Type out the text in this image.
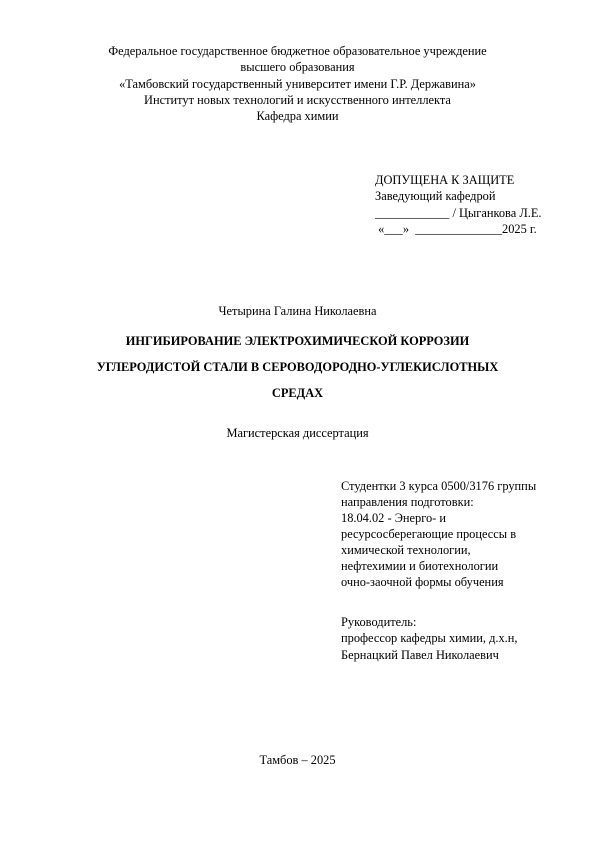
Федеральное государственное бюджетное образовательное учреждение
высшего образования
«Тамбовский государственный университет имени Г.Р. Державина»
Институт новых технологий и искусственного интеллекта
Кафедра химии
ДОПУЩЕНА К ЗАЩИТЕ
Заведующий кафедрой
____________ / Цыганкова Л.Е.
«___»  ______________2025 г.
Четырина Галина Николаевна
ИНГИБИРОВАНИЕ ЭЛЕКТРОХИМИЧЕСКОЙ КОРРОЗИИ
УГЛЕРОДИСТОЙ СТАЛИ В СЕРОВОДОРОДНО-УГЛЕКИСЛОТНЫХ
СРЕДАХ
Магистерская диссертация
Студентки 3 курса 0500/3176 группы
направления подготовки:
18.04.02 - Энерго- и
ресурсосберегающие процессы в
химической технологии,
нефтехимии и биотехнологии
очно-заочной формы обучения
Руководитель:
профессор кафедры химии, д.х.н,
Бернацкий Павел Николаевич
Тамбов – 2025
